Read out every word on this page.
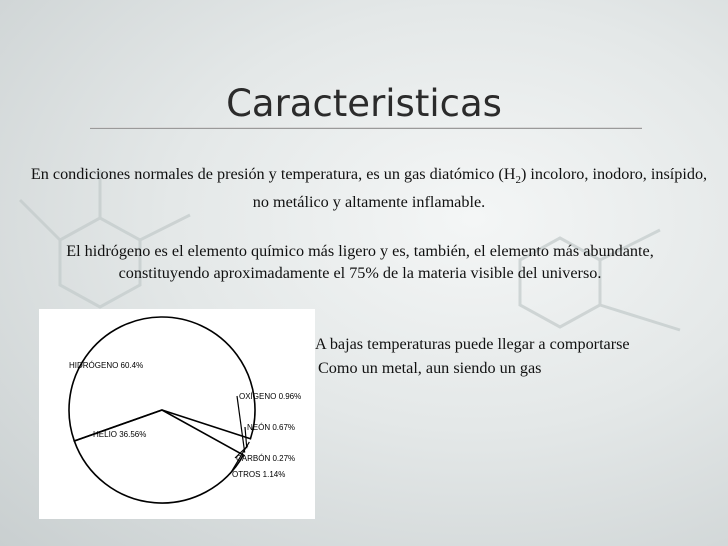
Caracteristicas
En condiciones normales de presión y temperatura, es un gas diatómico $(H_2)$ incoloro, inodoro, insípido, no metálico y altamente inflamable.
El hidrógeno es el elemento químico más ligero y es, también, el elemento más abundante, constituyendo aproximadamente el 75% de la materia visible del universo.
HIDRÓGENO 60.4%
HELIO 36.56%
OXÍGENO 0.96%
NEÓN 0.67%
CARBÓN 0.27%
OTROS 1.14%
A bajas temperaturas puede llegar a comportarse
Como un metal, aun siendo un gas
